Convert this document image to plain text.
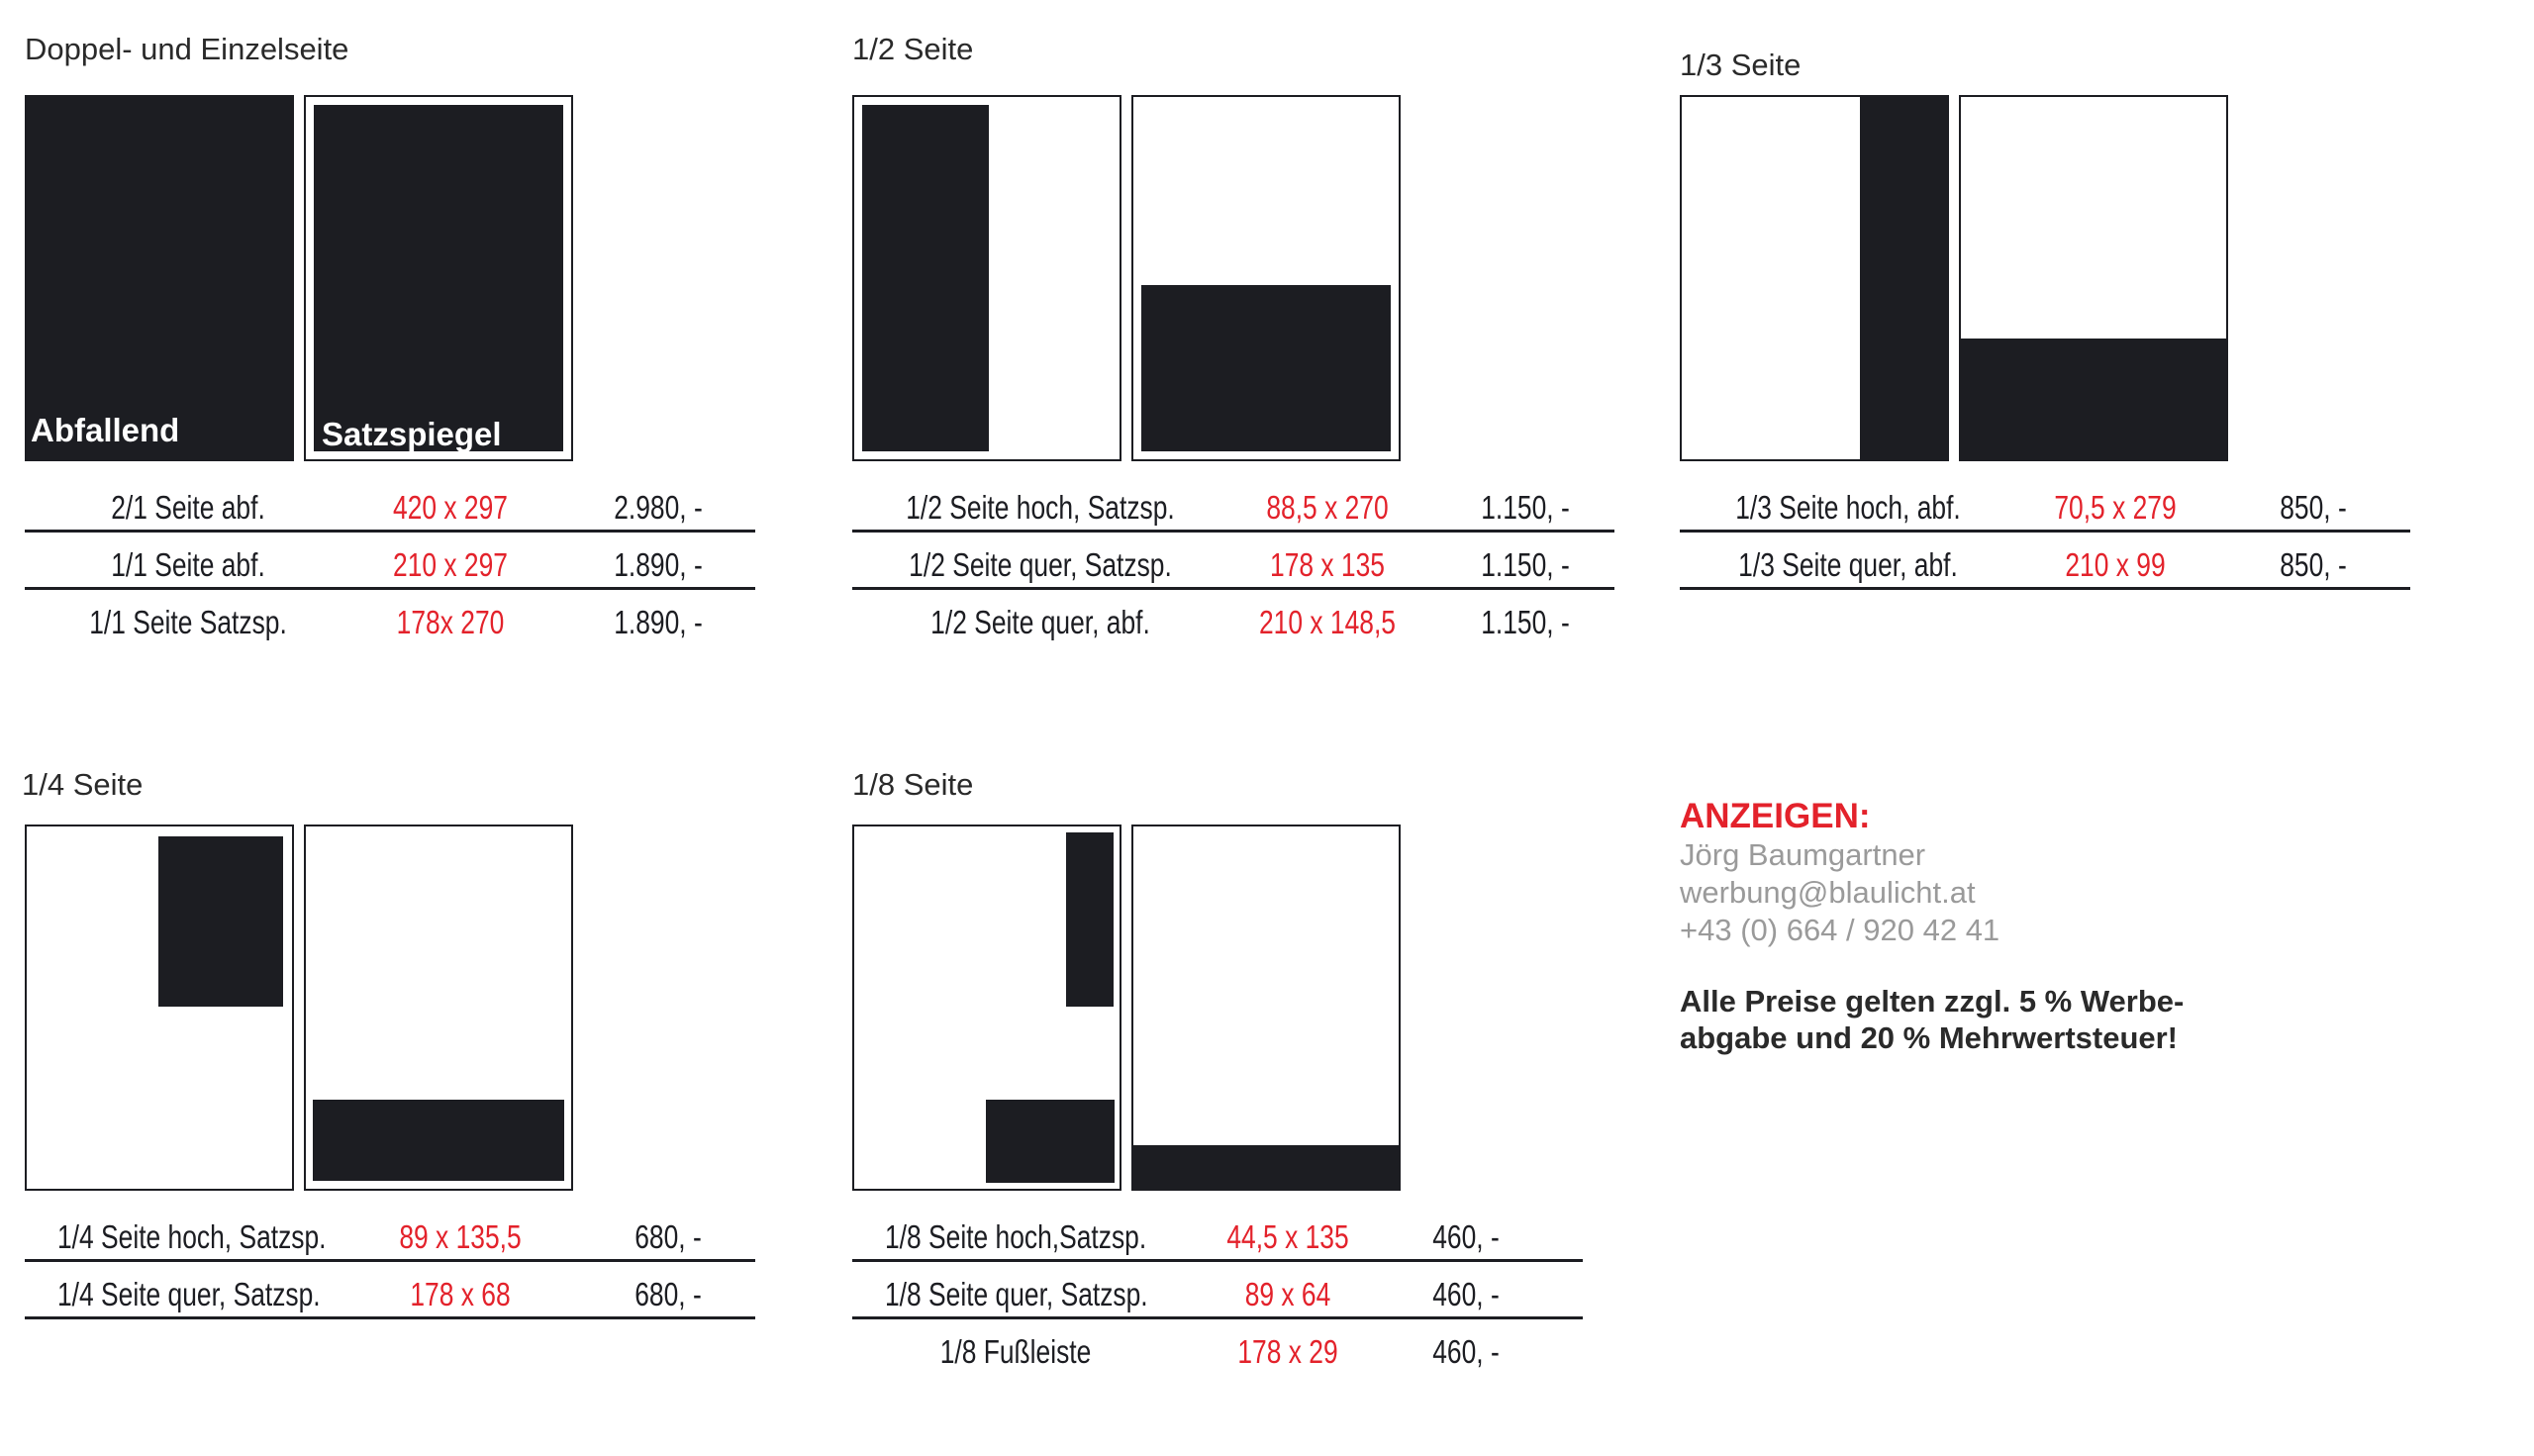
Doppel- und Einzelseite
Abfallend	Satzspiegel
2/1 Seite abf.	420 x 297	2.980, -
1/1 Seite abf.	210 x 297	1.890, -
1/1 Seite Satzsp.	178x 270	1.890, -
1/2 Seite
1/2 Seite hoch, Satzsp.	88,5 x 270	1.150, -
1/2 Seite quer, Satzsp.	178 x 135	1.150, -
1/2 Seite quer, abf.	210 x 148,5	1.150, -
1/3 Seite
1/3 Seite hoch, abf.	70,5 x 279	850, -
1/3 Seite quer, abf.	210 x 99	850, -
1/4 Seite
1/4 Seite hoch, Satzsp.	89 x 135,5	680, -
1/4 Seite quer, Satzsp.	178 x 68	680, -
1/8 Seite
1/8 Seite hoch,Satzsp.	44,5 x 135	460, -
1/8 Seite quer, Satzsp.	89 x 64	460, -
1/8 Fußleiste	178 x 29	460, -
ANZEIGEN:
Jörg Baumgartner
werbung@blaulicht.at
+43 (0) 664 / 920 42 41
Alle Preise gelten zzgl. 5 % Werbe-
abgabe und 20 % Mehrwertsteuer!
